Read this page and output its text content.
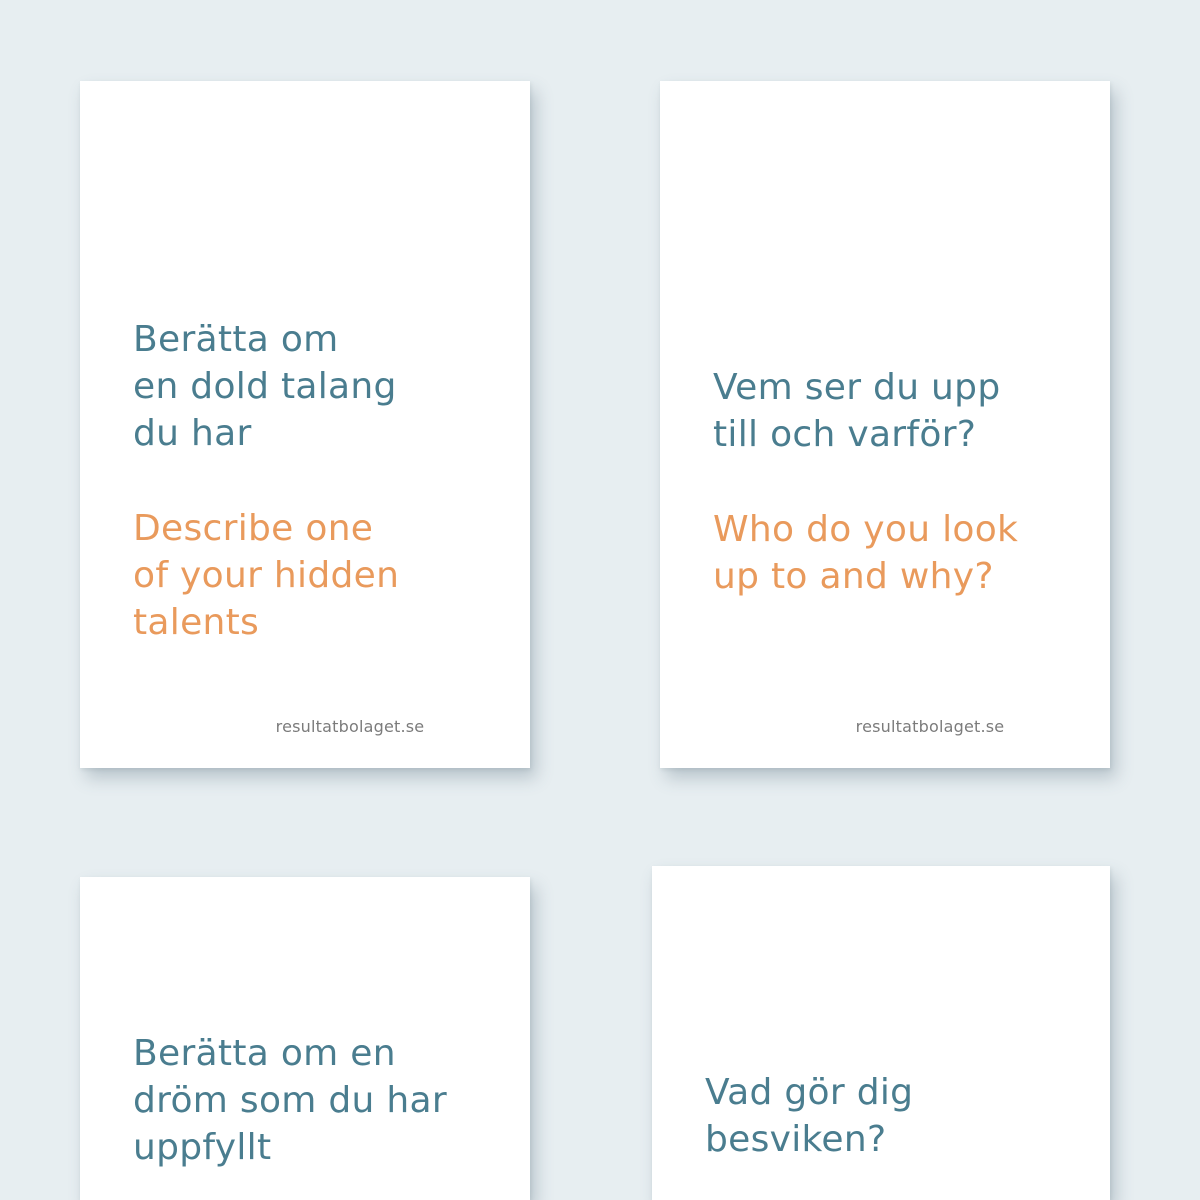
Berätta om
en dold talang
du har

Describe one
of your hidden
talents

resultatbolaget.se

Vem ser du upp
till och varför?

Who do you look
up to and why?

resultatbolaget.se

Berätta om en
dröm som du har
uppfyllt

Vad gör dig
besviken?
